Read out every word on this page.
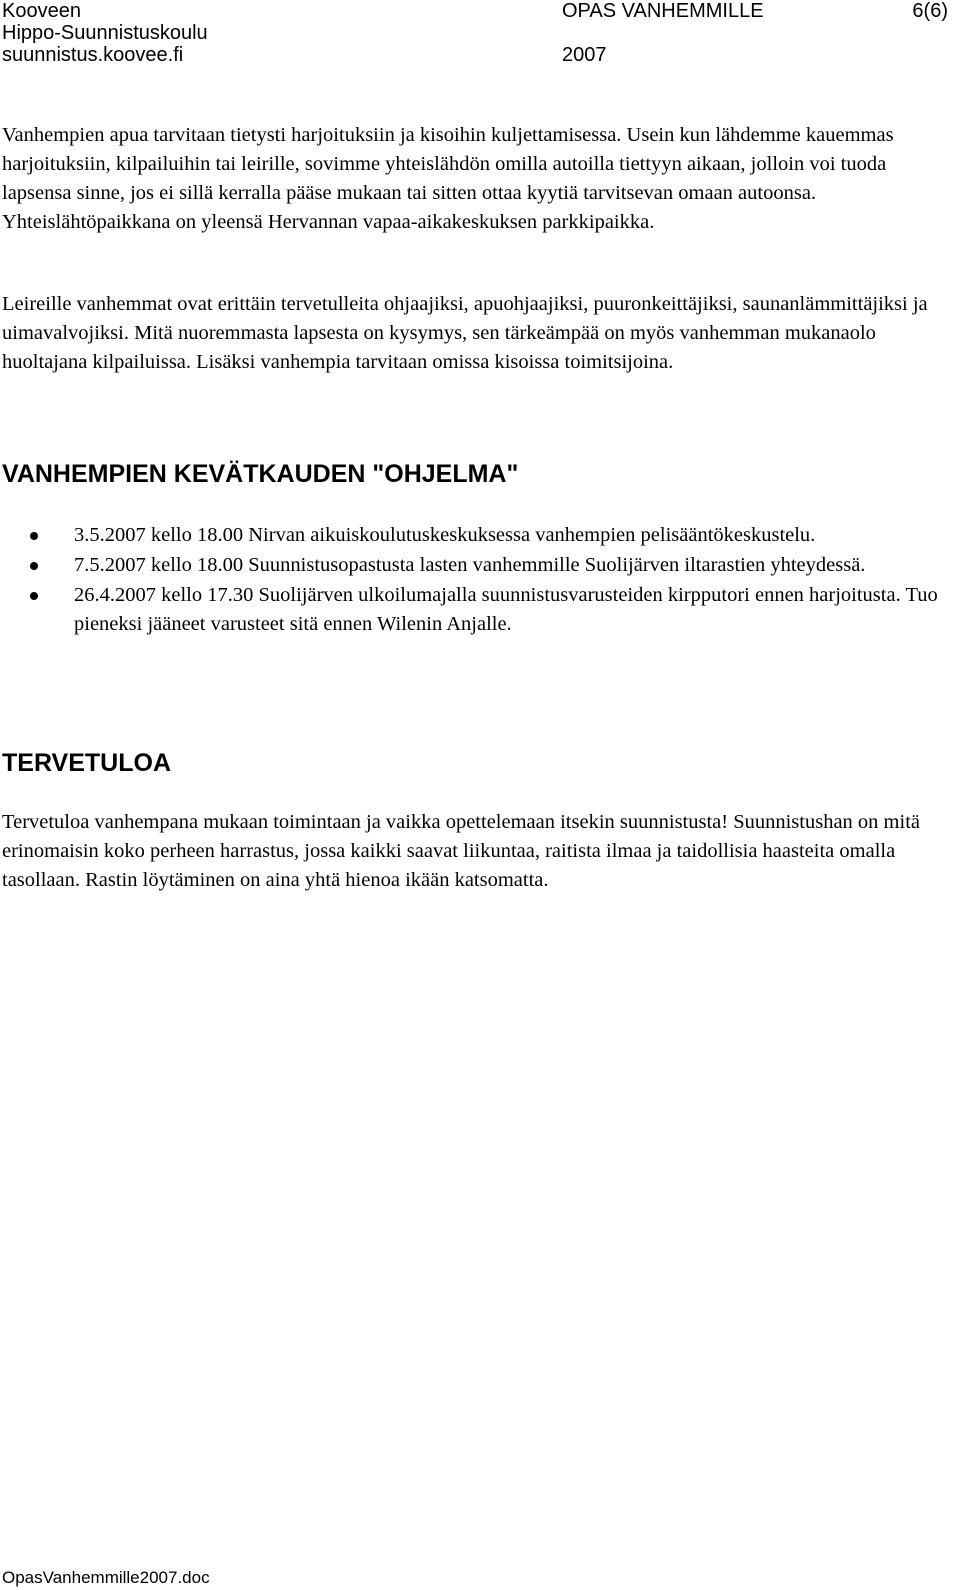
Kooveen
Hippo-Suunnistuskoulu
suunnistus.koovee.fi
OPAS VANHEMMILLE

2007
6(6)

Vanhempien apua tarvitaan tietysti harjoituksiin ja kisoihin kuljettamisessa. Usein kun lähdemme kauemmas harjoituksiin, kilpailuihin tai leirille, sovimme yhteislähdön omilla autoilla tiettyyn aikaan, jolloin voi tuoda lapsensa sinne, jos ei sillä kerralla pääse mukaan tai sitten ottaa kyytiä tarvitsevan omaan autoonsa. Yhteislähtöpaikkana on yleensä Hervannan vapaa-aikakeskuksen parkkipaikka.

Leireille vanhemmat ovat erittäin tervetulleita ohjaajiksi, apuohjaajiksi, puuronkeittäjiksi, saunanlämmittäjiksi ja uimavalvojiksi. Mitä nuoremmasta lapsesta on kysymys, sen tärkeämpää on myös vanhemman mukanaolo huoltajana kilpailuissa. Lisäksi vanhempia tarvitaan omissa kisoissa toimitsijoina.

VANHEMPIEN KEVÄTKAUDEN "OHJELMA"
3.5.2007 kello 18.00 Nirvan aikuiskoulutuskeskuksessa vanhempien pelisääntökeskustelu.
7.5.2007 kello 18.00 Suunnistusopastusta lasten vanhemmille Suolijärven iltarastien yhteydessä.
26.4.2007 kello 17.30 Suolijärven ulkoilumajalla suunnistusvarusteiden kirpputori ennen harjoitusta. Tuo pieneksi jääneet varusteet sitä ennen Wilenin Anjalle.
TERVETULOA

Tervetuloa vanhempana mukaan toimintaan ja vaikka opettelemaan itsekin suunnistusta! Suunnistushan on mitä erinomaisin koko perheen harrastus, jossa kaikki saavat liikuntaa, raitista ilmaa ja taidollisia haasteita omalla tasollaan. Rastin löytäminen on aina yhtä hienoa ikään katsomatta.

OpasVanhemmille2007.doc
